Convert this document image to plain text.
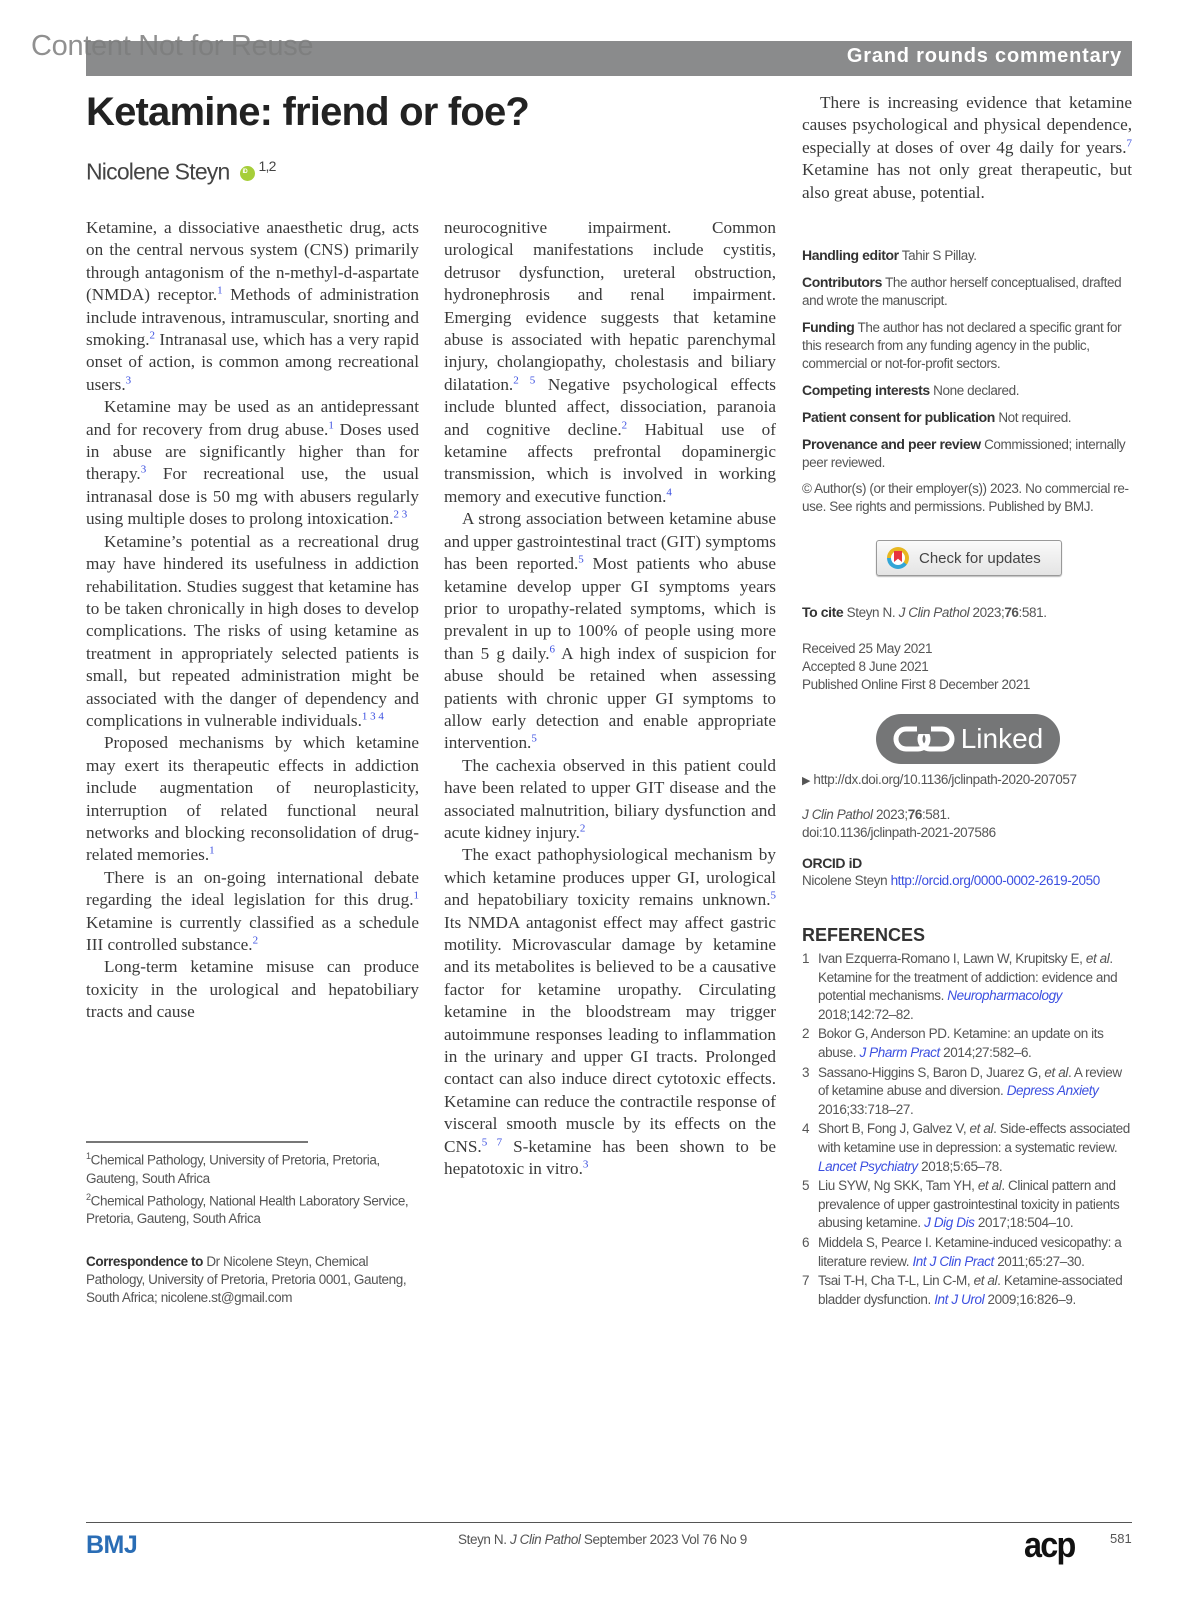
Content Not for Reuse	Grand rounds commentary
Ketamine: friend or foe?
Nicolene Steyn iD $^{1,2}$

Ketamine, a dissociative anaesthetic drug, acts on the central nervous system (CNS) primarily through antagonism of the n-methyl-d-aspartate (NMDA) receptor.$^1$ Methods of administration include intravenous, intramuscular, snorting and smoking.$^2$ Intranasal use, which has a very rapid onset of action, is common among recreational users.$^3$

Ketamine may be used as an antidepressant and for recovery from drug abuse.$^1$ Doses used in abuse are significantly higher than for therapy.$^3$ For recreational use, the usual intranasal dose is 50 mg with abusers regularly using multiple doses to prolong intoxication.$^{2 3}$

Ketamine’s potential as a recreational drug may have hindered its usefulness in addiction rehabilitation. Studies suggest that ketamine has to be taken chronically in high doses to develop complications. The risks of using ketamine as treatment in appropriately selected patients is small, but repeated administration might be associated with the danger of dependency and complications in vulnerable individuals.$^{1 3 4}$

Proposed mechanisms by which ketamine may exert its therapeutic effects in addiction include augmentation of neuroplasticity, interruption of related functional neural networks and blocking reconsolidation of drug-related memories.$^1$

There is an on-going international debate regarding the ideal legislation for this drug.$^1$ Ketamine is currently classified as a schedule III controlled substance.$^2$

Long-term ketamine misuse can produce toxicity in the urological and hepatobiliary tracts and cause

neurocognitive impairment. Common urological manifestations include cystitis, detrusor dysfunction, ureteral obstruction, hydronephrosis and renal impairment. Emerging evidence suggests that ketamine abuse is associated with hepatic parenchymal injury, cholangiopathy, cholestasis and biliary dilatation.$^{2 5}$ Negative psychological effects include blunted affect, dissociation, paranoia and cognitive decline.$^2$ Habitual use of ketamine affects prefrontal dopaminergic transmission, which is involved in working memory and executive function.$^4$

A strong association between ketamine abuse and upper gastrointestinal tract (GIT) symptoms has been reported.$^5$ Most patients who abuse ketamine develop upper GI symptoms years prior to uropathy-related symptoms, which is prevalent in up to 100% of people using more than 5 g daily.$^6$ A high index of suspicion for abuse should be retained when assessing patients with chronic upper GI symptoms to allow early detection and enable appropriate intervention.$^5$

The cachexia observed in this patient could have been related to upper GIT disease and the associated malnutrition, biliary dysfunction and acute kidney injury.$^2$

The exact pathophysiological mechanism by which ketamine produces upper GI, urological and hepatobiliary toxicity remains unknown.$^5$ Its NMDA antagonist effect may affect gastric motility. Microvascular damage by ketamine and its metabolites is believed to be a causative factor for ketamine uropathy. Circulating ketamine in the bloodstream may trigger autoimmune responses leading to inflammation in the urinary and upper GI tracts. Prolonged contact can also induce direct cytotoxic effects. Ketamine can reduce the contractile response of visceral smooth muscle by its effects on the CNS.$^{5 7}$ S-ketamine has been shown to be hepatotoxic in vitro.$^3$

There is increasing evidence that ketamine causes psychological and physical dependence, especially at doses of over 4g daily for years.$^7$ Ketamine has not only great therapeutic, but also great abuse, potential.

$^1$Chemical Pathology, University of Pretoria, Pretoria, Gauteng, South Africa
$^2$Chemical Pathology, National Health Laboratory Service, Pretoria, Gauteng, South Africa
Correspondence to Dr Nicolene Steyn, Chemical Pathology, University of Pretoria, Pretoria 0001, Gauteng, South Africa; nicolene.st@gmail.com
Handling editor Tahir S Pillay.
Contributors The author herself conceptualised, drafted and wrote the manuscript.
Funding The author has not declared a specific grant for this research from any funding agency in the public, commercial or not-for-profit sectors.
Competing interests None declared.
Patient consent for publication Not required.
Provenance and peer review Commissioned; internally peer reviewed.
© Author(s) (or their employer(s)) 2023. No commercial re-use. See rights and permissions. Published by BMJ.
Check for updates
To cite Steyn N. J Clin Pathol 2023;76:581.
Received 25 May 2021
Accepted 8 June 2021
Published Online First 8 December 2021
Linked
▶ http://dx.doi.org/10.1136/jclinpath-2020-207057
J Clin Pathol 2023;76:581.
doi:10.1136/jclinpath-2021-207586
ORCID iD
Nicolene Steyn http://orcid.org/0000-0002-2619-2050
REFERENCES
1 Ivan Ezquerra-Romano I, Lawn W, Krupitsky E, et al. Ketamine for the treatment of addiction: evidence and potential mechanisms. Neuropharmacology 2018;142:72–82.
2 Bokor G, Anderson PD. Ketamine: an update on its abuse. J Pharm Pract 2014;27:582–6.
3 Sassano-Higgins S, Baron D, Juarez G, et al. A review of ketamine abuse and diversion. Depress Anxiety 2016;33:718–27.
4 Short B, Fong J, Galvez V, et al. Side-effects associated with ketamine use in depression: a systematic review. Lancet Psychiatry 2018;5:65–78.
5 Liu SYW, Ng SKK, Tam YH, et al. Clinical pattern and prevalence of upper gastrointestinal toxicity in patients abusing ketamine. J Dig Dis 2017;18:504–10.
6 Middela S, Pearce I. Ketamine-induced vesicopathy: a literature review. Int J Clin Pract 2011;65:27–30.
7 Tsai T-H, Cha T-L, Lin C-M, et al. Ketamine-associated bladder dysfunction. Int J Urol 2009;16:826–9.
BMJ	Steyn N. J Clin Pathol September 2023 Vol 76 No 9	acp	581
